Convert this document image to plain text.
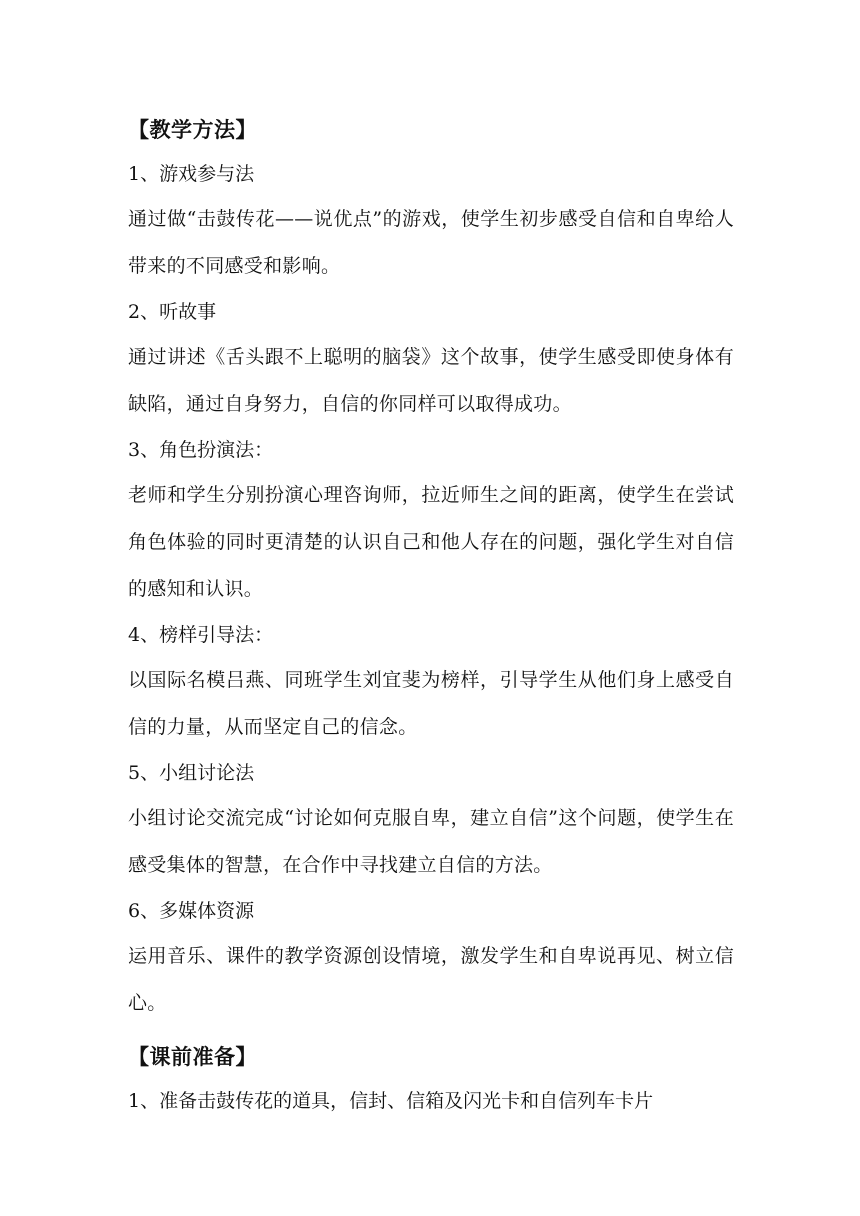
【教学方法】
1、游戏参与法

通过做“击鼓传花——说优点”的游戏，使学生初步感受自信和自卑给人带来的不同感受和影响。

2、听故事

通过讲述《舌头跟不上聪明的脑袋》这个故事，使学生感受即使身体有缺陷，通过自身努力，自信的你同样可以取得成功。

3、角色扮演法：

老师和学生分别扮演心理咨询师，拉近师生之间的距离，使学生在尝试角色体验的同时更清楚的认识自己和他人存在的问题，强化学生对自信的感知和认识。

4、榜样引导法：

以国际名模吕燕、同班学生刘宜斐为榜样，引导学生从他们身上感受自信的力量，从而坚定自己的信念。

5、小组讨论法

小组讨论交流完成“讨论如何克服自卑，建立自信”这个问题，使学生在感受集体的智慧，在合作中寻找建立自信的方法。

6、多媒体资源

运用音乐、课件的教学资源创设情境，激发学生和自卑说再见、树立信心。

【课前准备】
1、准备击鼓传花的道具，信封、信箱及闪光卡和自信列车卡片
